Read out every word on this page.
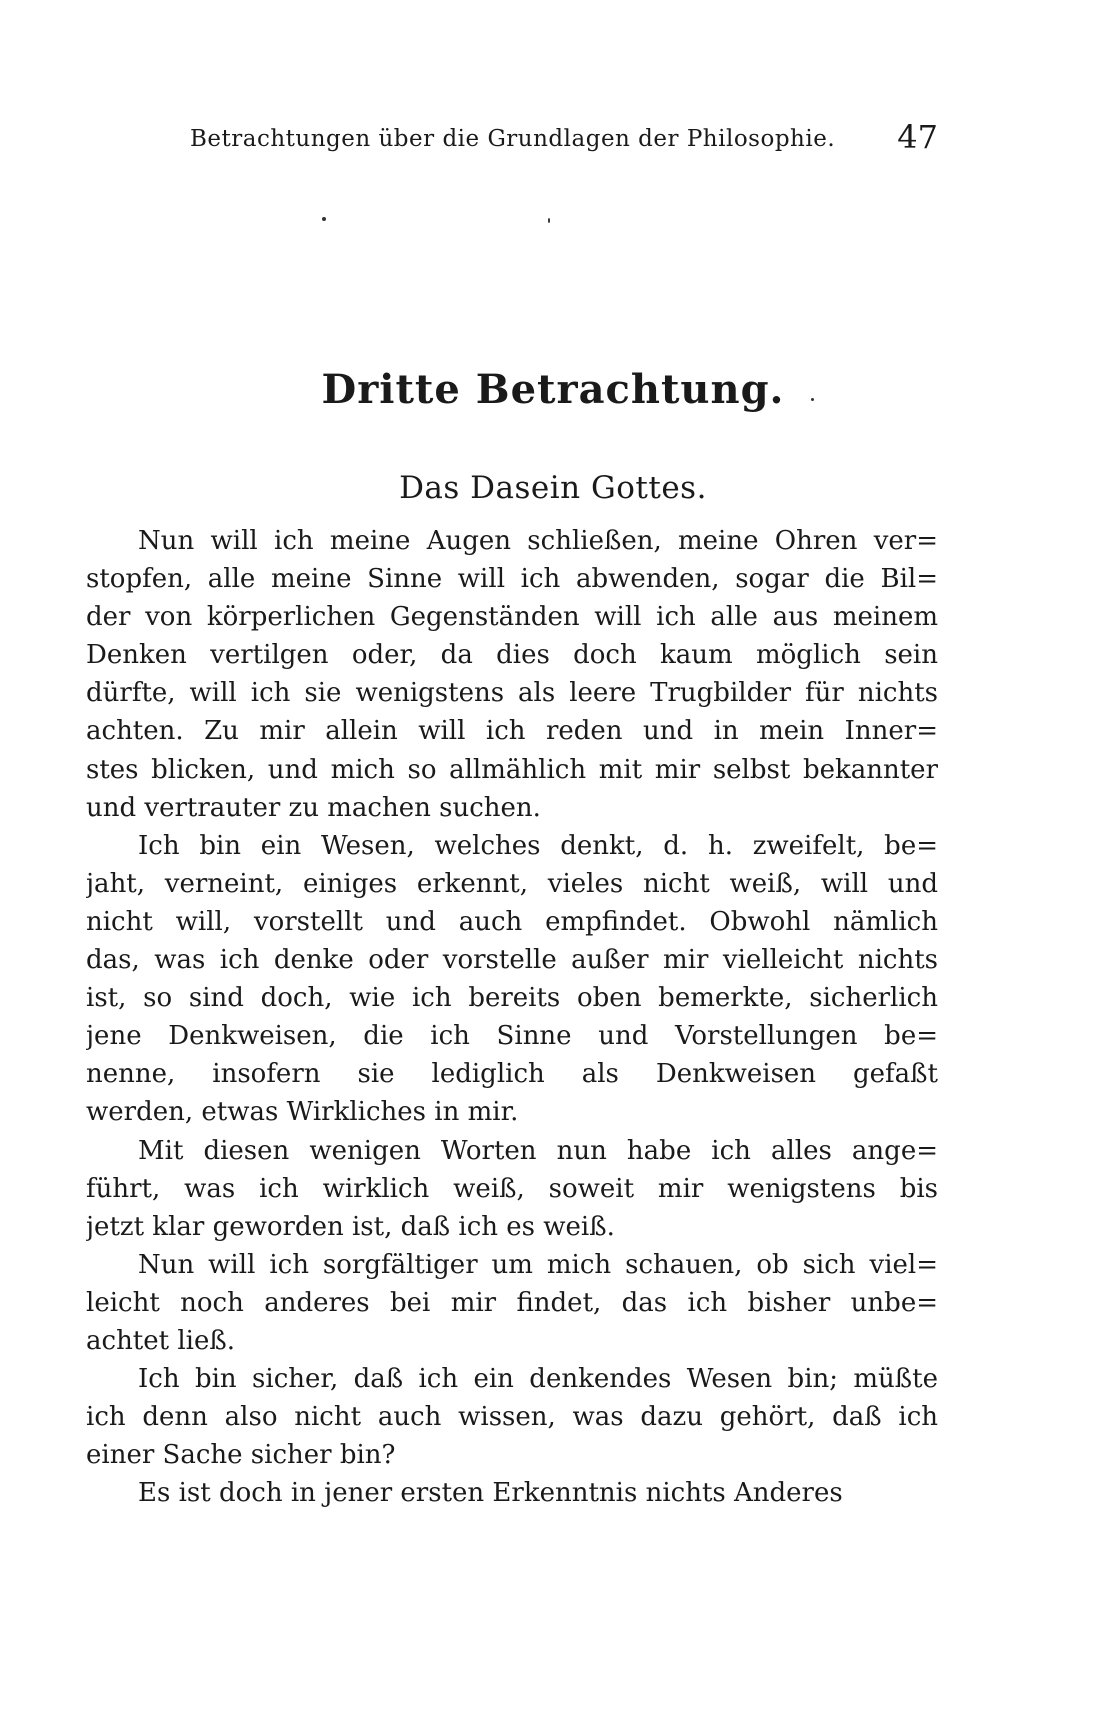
Betrachtungen über die Grundlagen der Philosophie. 47
Dritte Betrachtung.
Das Dasein Gottes.
Nun will ich meine Augen schließen, meine Ohren ver=
stopfen, alle meine Sinne will ich abwenden, sogar die Bil=
der von körperlichen Gegenständen will ich alle aus meinem
Denken vertilgen oder, da dies doch kaum möglich sein
dürfte, will ich sie wenigstens als leere Trugbilder für nichts
achten. Zu mir allein will ich reden und in mein Inner=
stes blicken, und mich so allmählich mit mir selbst bekannter
und vertrauter zu machen suchen.
Ich bin ein Wesen, welches denkt, d. h. zweifelt, be=
jaht, verneint, einiges erkennt, vieles nicht weiß, will und
nicht will, vorstellt und auch empfindet. Obwohl nämlich
das, was ich denke oder vorstelle außer mir vielleicht nichts
ist, so sind doch, wie ich bereits oben bemerkte, sicherlich
jene Denkweisen, die ich Sinne und Vorstellungen be=
nenne, insofern sie lediglich als Denkweisen gefaßt
werden, etwas Wirkliches in mir.
Mit diesen wenigen Worten nun habe ich alles ange=
führt, was ich wirklich weiß, soweit mir wenigstens bis
jetzt klar geworden ist, daß ich es weiß.
Nun will ich sorgfältiger um mich schauen, ob sich viel=
leicht noch anderes bei mir findet, das ich bisher unbe=
achtet ließ.
Ich bin sicher, daß ich ein denkendes Wesen bin; müßte
ich denn also nicht auch wissen, was dazu gehört, daß ich
einer Sache sicher bin?
Es ist doch in jener ersten Erkenntnis nichts Anderes
